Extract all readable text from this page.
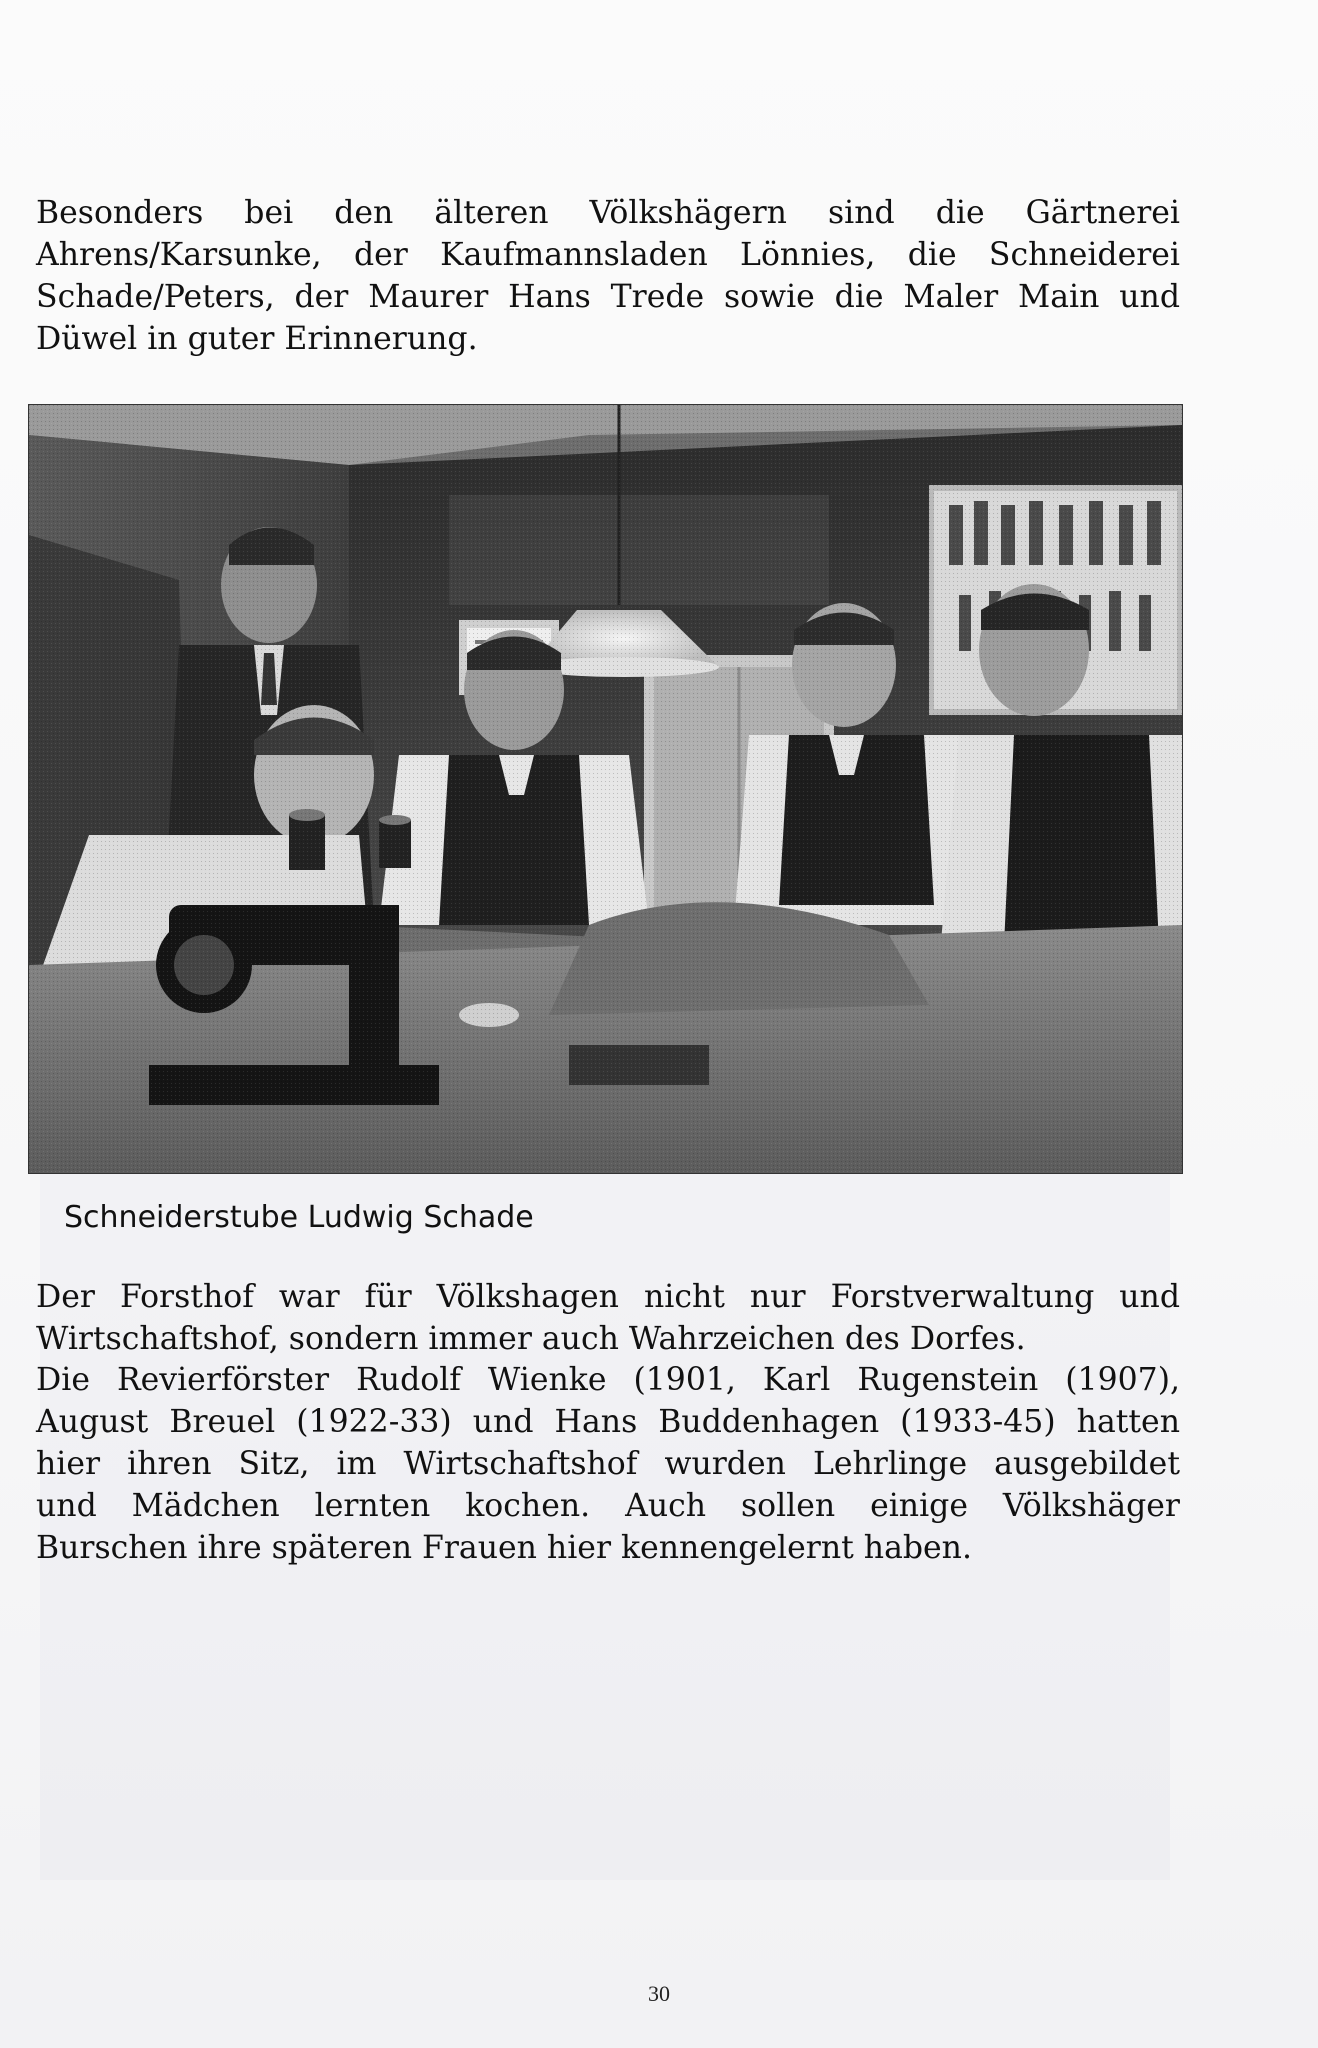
Besonders bei den älteren Völkshägern sind die Gärtnerei
Ahrens/Karsunke, der Kaufmannsladen Lönnies, die Schneiderei
Schade/Peters, der Maurer Hans Trede sowie die Maler Main und
Düwel in guter Erinnerung.

Schneiderstube Ludwig Schade

Der Forsthof war für Völkshagen nicht nur Forstverwaltung und
Wirtschaftshof, sondern immer auch Wahrzeichen des Dorfes.

Die Revierförster Rudolf Wienke (1901, Karl Rugenstein (1907),
August Breuel (1922-33) und Hans Buddenhagen (1933-45) hatten
hier ihren Sitz, im Wirtschaftshof wurden Lehrlinge ausgebildet
und Mädchen lernten kochen. Auch sollen einige Völkshäger
Burschen ihre späteren Frauen hier kennengelernt haben.

30
